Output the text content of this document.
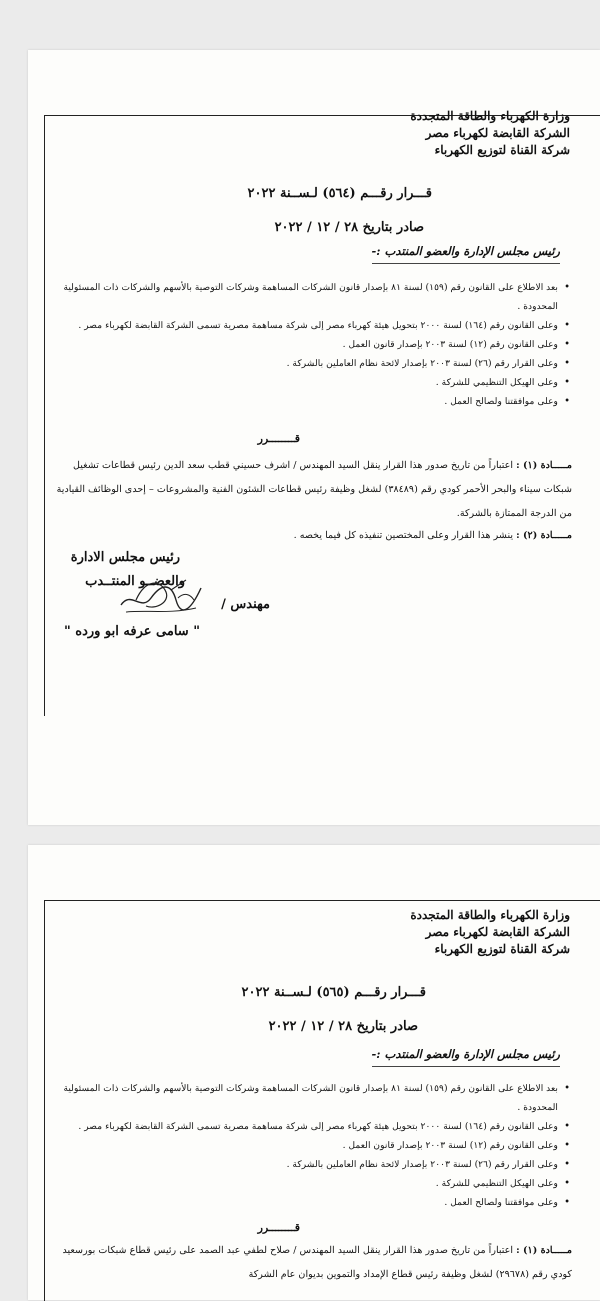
وزارة الكهرباء والطاقة المتجددة
الشركة القابضة لكهرباء مصر
شركة القناة لتوزيع الكهرباء
قـــرار رقـــم (٥٦٤) لـســنة ٢٠٢٢
صادر بتاريخ ٢٨ / ١٢ / ٢٠٢٢
رئيس مجلس الإدارة والعضو المنتدب :-
• بعد الاطلاع على القانون رقم (١٥٩) لسنة ٨١ بإصدار قانون الشركات المساهمة وشركات التوصية بالأسهم والشركات ذات المسئولية المحدودة .
• وعلى القانون رقم (١٦٤) لسنة ٢٠٠٠ بتحويل هيئة كهرباء مصر إلى شركة مساهمة مصرية تسمى الشركة القابضة لكهرباء مصر .
• وعلى القانون رقم (١٢) لسنة ٢٠٠٣ بإصدار قانون العمل .
• وعلى القرار رقم (٢٦) لسنة ٢٠٠٣ بإصدار لائحة نظام العاملين بالشركة .
• وعلى الهيكل التنظيمي للشركة .
• وعلى موافقتنا ولصالح العمل .
قــــــــرر
مـــــادة (١) : اعتباراً من تاريخ صدور هذا القرار ينقل السيد المهندس / اشرف حسيني قطب سعد الدين رئيس قطاعات تشغيل شبكات سيناء والبحر الأحمر كودي رقم (٣٨٤٨٩) لشغل وظيفة رئيس قطاعات الشئون الفنية والمشروعات – إحدى الوظائف القيادية من الدرجة الممتازة بالشركة.
مـــــادة (٢) : ينشر هذا القرار وعلى المختصين تنفيذه كل فيما يخصه .
رئيس مجلس الادارة
والعضــو المنتــدب
مهندس /
" سامى عرفه ابو ورده "
وزارة الكهرباء والطاقة المتجددة
الشركة القابضة لكهرباء مصر
شركة القناة لتوزيع الكهرباء
قـــرار رقـــم (٥٦٥) لـســنة ٢٠٢٢
صادر بتاريخ ٢٨ / ١٢ / ٢٠٢٢
رئيس مجلس الإدارة والعضو المنتدب :-
• بعد الاطلاع على القانون رقم (١٥٩) لسنة ٨١ بإصدار قانون الشركات المساهمة وشركات التوصية بالأسهم والشركات ذات المسئولية المحدودة .
• وعلى القانون رقم (١٦٤) لسنة ٢٠٠٠ بتحويل هيئة كهرباء مصر إلى شركة مساهمة مصرية تسمى الشركة القابضة لكهرباء مصر .
• وعلى القانون رقم (١٢) لسنة ٢٠٠٣ بإصدار قانون العمل .
• وعلى القرار رقم (٢٦) لسنة ٢٠٠٣ بإصدار لائحة نظام العاملين بالشركة .
• وعلى الهيكل التنظيمي للشركة .
• وعلى موافقتنا ولصالح العمل .
قــــــــرر
مـــــادة (١) : اعتباراً من تاريخ صدور هذا القرار ينقل السيد المهندس / صلاح لطفي عبد الصمد على رئيس قطاع شبكات بورسعيد كودي رقم (٢٩٦٧٨) لشغل وظيفة رئيس قطاع الإمداد والتموين بديوان عام الشركة
